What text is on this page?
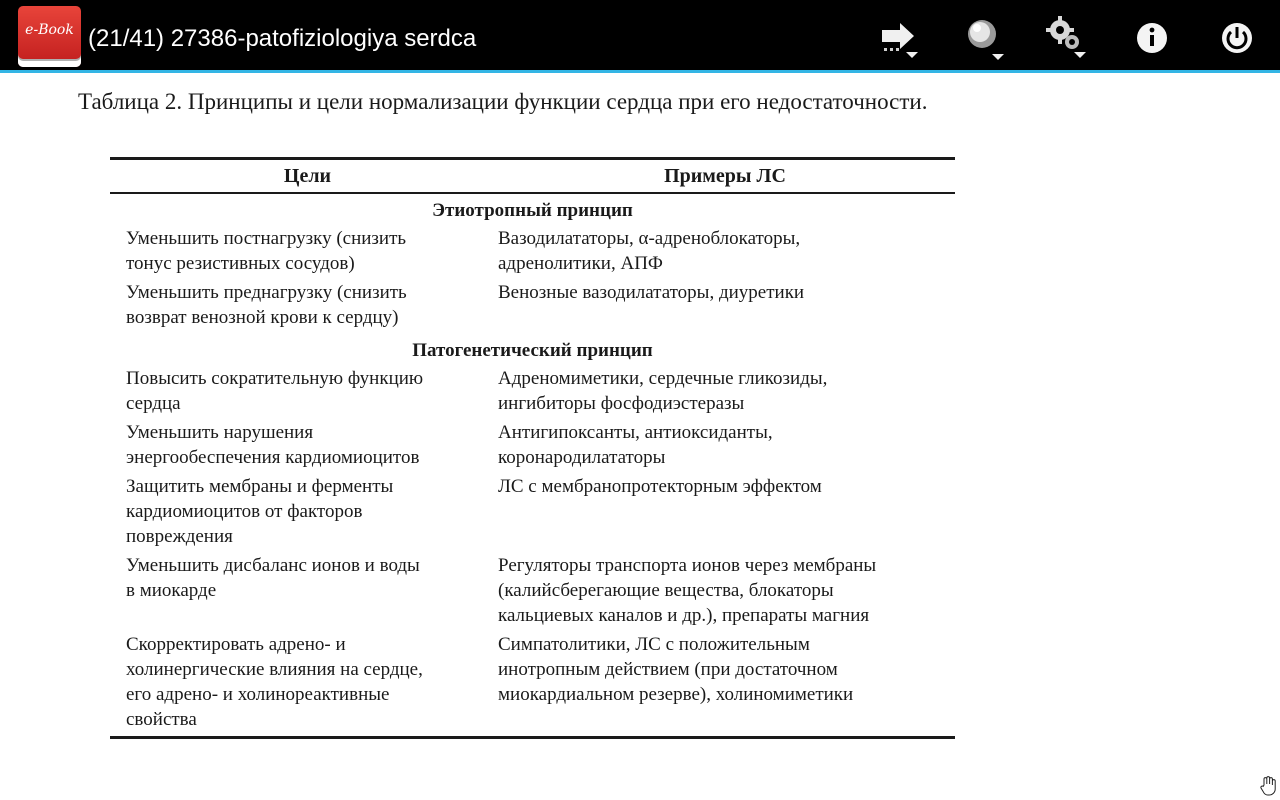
e-Book (21/41) 27386-patofiziologiya serdca
Таблица 2. Принципы и цели нормализации функции сердца при его недостаточности.
Цели	Примеры ЛС
Этиотропный принцип
Уменьшить постнагрузку (снизить
тонус резистивных сосудов)
Вазодилататоры, α-адреноблокаторы,
адренолитики, АПФ
Уменьшить преднагрузку (снизить
возврат венозной крови к сердцу)
Венозные вазодилататоры, диуретики
Патогенетический принцип
Повысить сократительную функцию
сердца
Адреномиметики, сердечные гликозиды,
ингибиторы фосфодиэстеразы
Уменьшить нарушения
энергообеспечения кардиомиоцитов
Антигипоксанты, антиоксиданты,
коронародилататоры
Защитить мембраны и ферменты
кардиомиоцитов от факторов
повреждения
ЛС с мембранопротекторным эффектом
Уменьшить дисбаланс ионов и воды
в миокарде
Регуляторы транспорта ионов через мембраны
(калийсберегающие вещества, блокаторы
кальциевых каналов и др.), препараты магния
Скорректировать адрено- и
холинергические влияния на сердце,
его адрено- и холинореактивные
свойства
Симпатолитики, ЛС с положительным
инотропным действием (при достаточном
миокардиальном резерве), холиномиметики
